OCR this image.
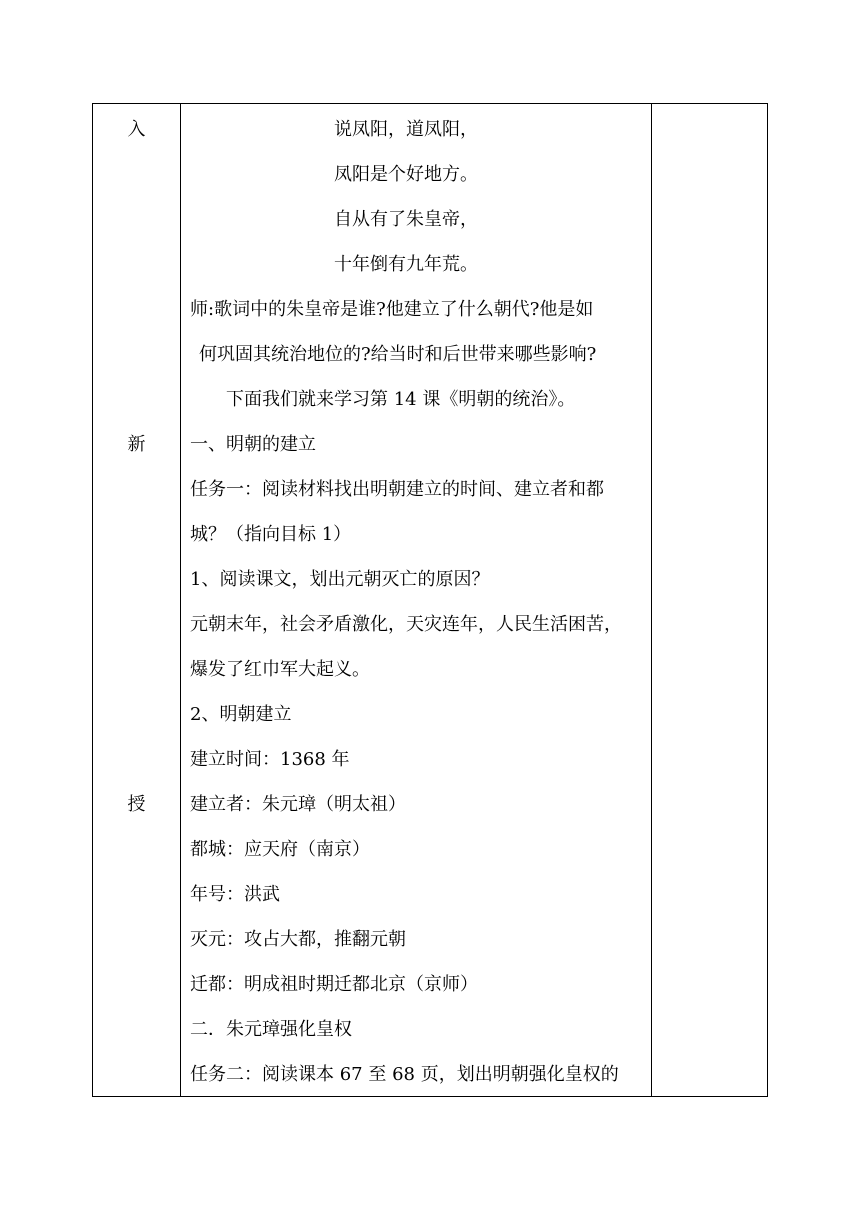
入
新
授
说凤阳，道凤阳，
凤阳是个好地方。
自从有了朱皇帝，
十年倒有九年荒。
师:歌词中的朱皇帝是谁?他建立了什么朝代?他是如
何巩固其统治地位的?给当时和后世带来哪些影响?
下面我们就来学习第 14 课《明朝的统治》。
一、明朝的建立
任务一：阅读材料找出明朝建立的时间、建立者和都
城？（指向目标 1）
1、阅读课文，划出元朝灭亡的原因？
元朝末年，社会矛盾激化，天灾连年，人民生活困苦，
爆发了红巾军大起义。
2、明朝建立
建立时间：1368 年
建立者：朱元璋（明太祖）
都城：应天府（南京）
年号：洪武
灭元：攻占大都，推翻元朝
迁都：明成祖时期迁都北京（京师）
二．朱元璋强化皇权
任务二：阅读课本 67 至 68 页，划出明朝强化皇权的
